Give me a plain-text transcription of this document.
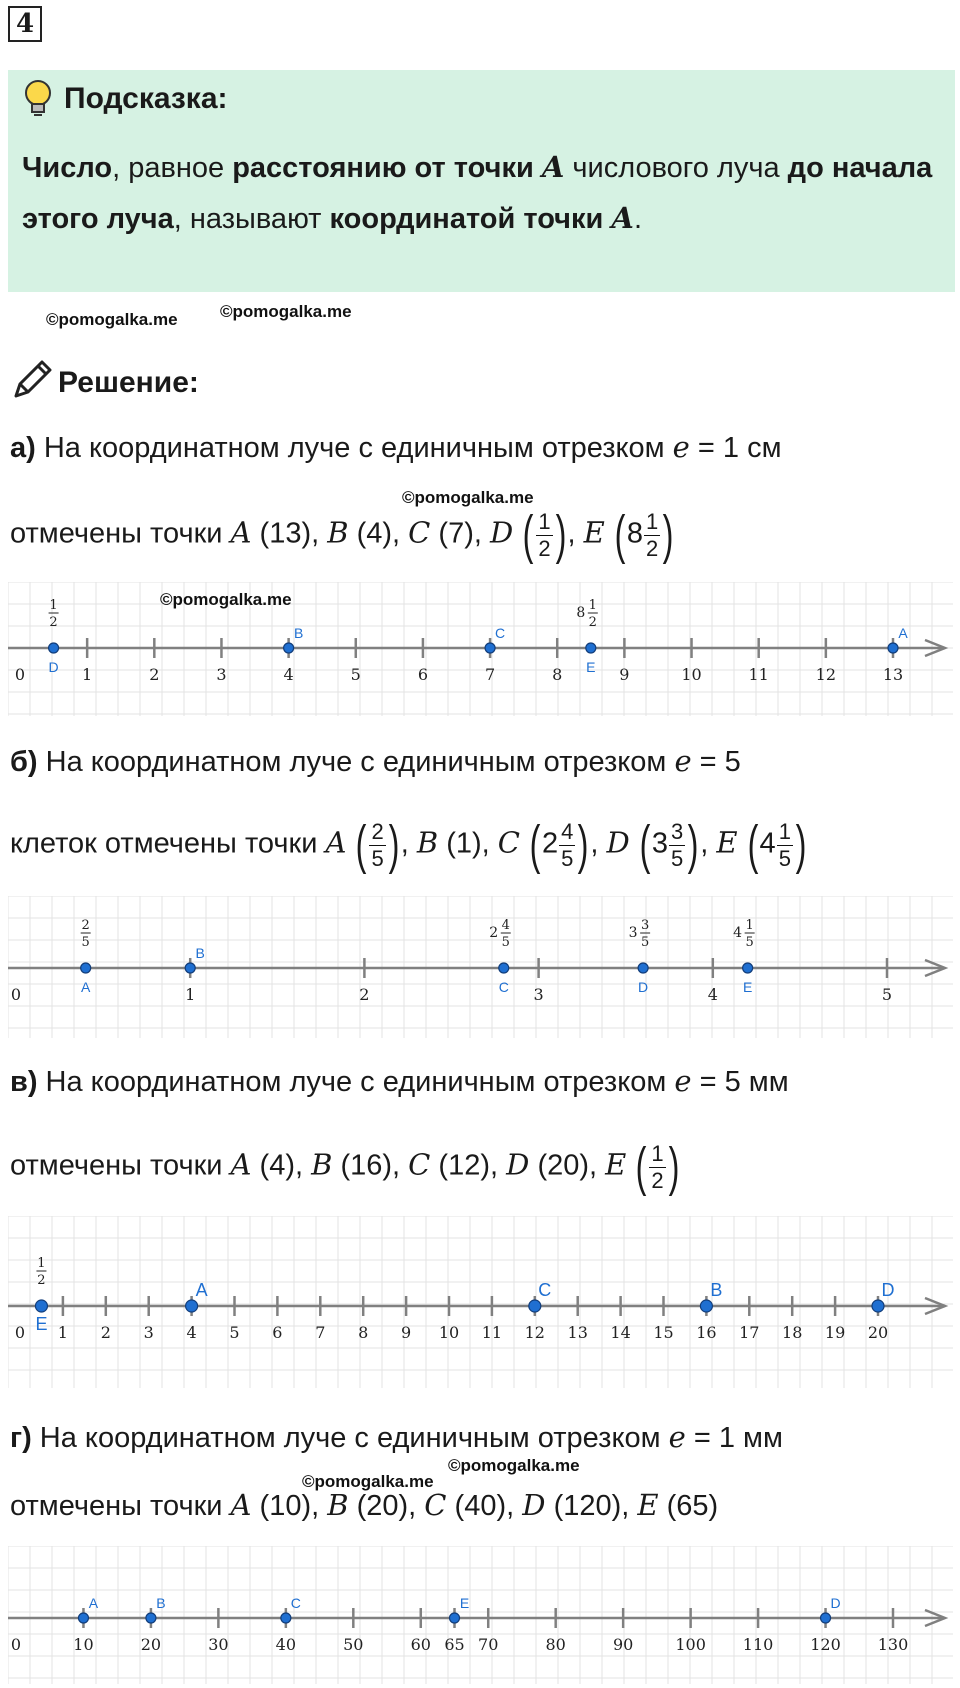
4
Подсказка:
Число, равное расстоянию от точки A числового луча до начала этого луча, называют координатой точки A.
©pomogalka.me ©pomogalka.me
Решение:
а) На координатном луче с единичным отрезком e = 1 см
©pomogalka.me
отмечены точки A (13), B (4), C (7), D ( $\frac{1}{2}$ ), E ($8 \frac{1}{2}$ )
0	1	2	3	4	5	6	7	8	9	10	11	12	13
1
2
D
B	C
8 1
2
E
A
©pomogalka.me
б) На координатном луче с единичным отрезком e = 5
клеток отмечены точки A ( $\frac{2}{5}$ ), B (1), C ($2 \frac{4}{5}$ ), D ($3 \frac{3}{5}$ ), E ($4 \frac{1}{5}$ )
0	1	2	3	4	5
2
5
A
B
2 4
5
C
3 3
5
D
4 1
5
E
в) На координатном луче с единичным отрезком e = 5 мм
отмечены точки A (4), B (16), C (12), D (20), E ( $\frac{1}{2}$ )
0 1 2 3 4 5 6 7 8 9 10 11 12 13 14 15 16 17 18 19 20
1
2
E
A	C	B	D
г) На координатном луче с единичным отрезком e = 1 мм
©pomogalka.me
©pomogalka.me
отмечены точки A (10), B (20), C (40), D (120), E (65)
0	10	20	30	40	50	60	70	80	90	100 110 120 130
A	B	C
65
E	D
